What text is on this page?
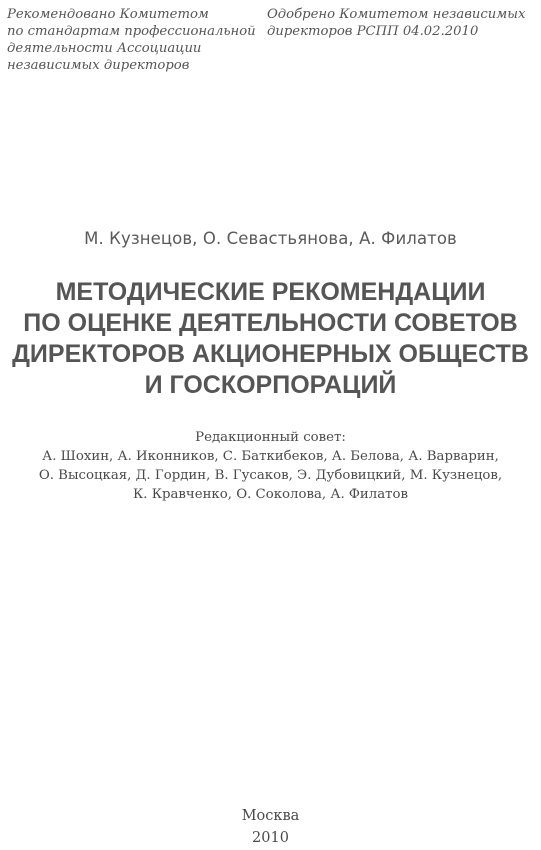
Рекомендовано Комитетом
по стандартам профессиональной
деятельности Ассоциации
независимых директоров
Одобрено Комитетом независимых
директоров РСПП 04.02.2010
М. Кузнецов, О. Севастьянова, А. Филатов
МЕТОДИЧЕСКИЕ РЕКОМЕНДАЦИИ
ПО ОЦЕНКЕ ДЕЯТЕЛЬНОСТИ СОВЕТОВ
ДИРЕКТОРОВ АКЦИОНЕРНЫХ ОБЩЕСТВ
И ГОСКОРПОРАЦИЙ
Редакционный совет:
А. Шохин, А. Иконников, С. Баткибеков, А. Белова, А. Варварин,
О. Высоцкая, Д. Гордин, В. Гусаков, Э. Дубовицкий, М. Кузнецов,
К. Кравченко, О. Соколова, А. Филатов
Москва
2010
